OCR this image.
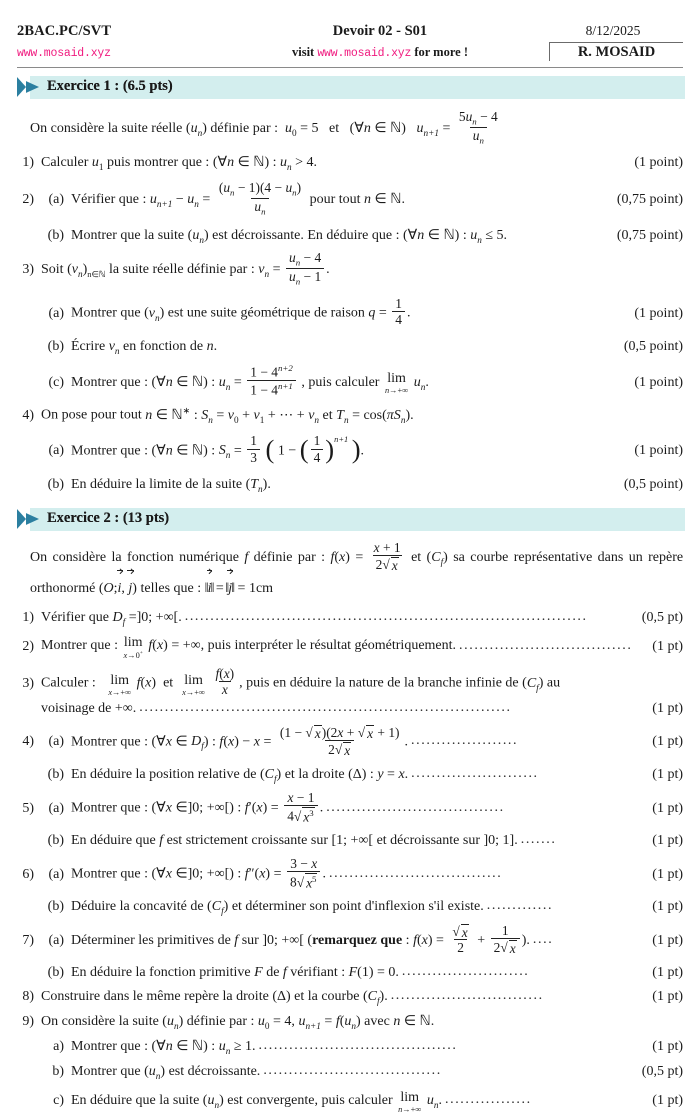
2BAC.PC/SVT	Devoir 02 - S01	8/12/2025
www.mosaid.xyz	visit www.mosaid.xyz for more !	R. MOSAID
Exercice 1 : (6.5 pts)
On considère la suite réelle $(u_n)$ définie par : $u_0 = 5$ et (∀n ∈ ℕ) $u_{n+1} = \frac{5u_n - 4}{u_n}$
1) Calculer $u_1$ puis montrer que : (∀n ∈ ℕ) : $u_n > 4$.	(1 point)
2)	(a) Vérifier que : $u_{n+1} - u_n = \frac{(u_n - 1)(4 - u_n)}{u_n}$ pour tout n ∈ ℕ.	(0,75 point)
(b) Montrer que la suite $(u_n)$ est décroissante. En déduire que : (∀n ∈ ℕ) : $u_n \le 5$.	(0,75 point)
3) Soit $(v_n)_{n\in ℕ}$ la suite réelle définie par : $v_n = \frac{u_n - 4}{u_n - 1}$ .
(a) Montrer que $(v_n)$ est une suite géométrique de raison $q = \frac{1}{4}$ .	(1 point)
(b) Écrire $v_n$ en fonction de n.	(0,5 point)
(c) Montrer que : (∀n ∈ ℕ) : $u_n = \frac{1 - 4^{n+2}}{1 - 4^{n+1}}$ , puis calculer lim
n→+∞
$u_n$.	(1 point)
4) On pose pour tout n ∈ ℕ∗ : $S_n = v_0 + v_1$ + ⋯ + $v_n$ et $T_n = \cos(\pi S_n)$.
(a) Montrer que : (∀n ∈ ℕ) : $S_n = \frac{1}{3}$ ( 1 − ( $\frac{1}{4} )^{n+1}$ ).	(1 point)
(b) En déduire la limite de la suite $(T_n)$.	(0,5 point)
Exercice 2 : (13 pts)
On considère la fonction numérique f définie par : $f(x) = \frac{x + 1}{2√ x}$ et $(C_f)$ sa courbe représentative dans un repère orthonormé (O;i, j) telles que : ‖i‖ = ‖j‖ = 1cm
1) Vérifier que $D_f =]0$; +∞[. ...............................................................................	(0,5 pt)
2) Montrer que : lim
x→0+ f(x) = +∞, puis interpréter le résultat géométriquement. ..................................	(1 pt)
3) Calculer : lim
x→+∞
f(x) et lim
x→+∞
$\frac{f(x)}{x}$ , puis en déduire la nature de la branche infinie de $(C_f)$ au
voisinage de +∞. .........................................................................	(1 pt)
4)	(a) Montrer que : (∀x ∈ $D_f$) : $f(x) - x = \frac{(1 - √ x)(2x + √ x + 1)}{2√ x}$ . .....................	(1 pt)
(b) En déduire la position relative de $(C_f)$ et la droite (Δ) : y = x. .........................	(1 pt)
5)	(a) Montrer que : (∀x ∈]0; +∞[) : $f'(x) = \frac{x - 1}{4√ x^3}$ . ...................................	(1 pt)
(b) En déduire que f est strictement croissante sur [1; +∞[ et décroissante sur ]0; 1]. .......	(1 pt)
6)	(a) Montrer que : (∀x ∈]0; +∞[) : $f''(x) = \frac{3 - x}{8√ x^5}$ . ..................................	(1 pt)
(b) Déduire la concavité de $(C_f)$ et déterminer son point d'inflexion s'il existe. .............	(1 pt)
7)	(a) Déterminer les primitives de f sur ]0; +∞[ (remarquez que : $f(x) = \frac{√ x}{2} + \frac{1}{2√ x}$ ). ....	(1 pt)
(b) En déduire la fonction primitive F de f vérifiant : F(1) = 0. .........................	(1 pt)
8) Construire dans le même repère la droite (Δ) et la courbe $(C_f)$. ..............................	(1 pt)
9) On considère la suite $(u_n)$ définie par : $u_0 = 4$, $u_{n+1} = f(u_n)$ avec n ∈ ℕ.
a) Montrer que : (∀n ∈ ℕ) : $u_n \ge 1$. .......................................	(1 pt)
b) Montrer que $(u_n)$ est décroissante. ...................................	(0,5 pt)
c) En déduire que la suite $(u_n)$ est convergente, puis calculer lim
n→+∞
$u_n$. .................	(1 pt)
